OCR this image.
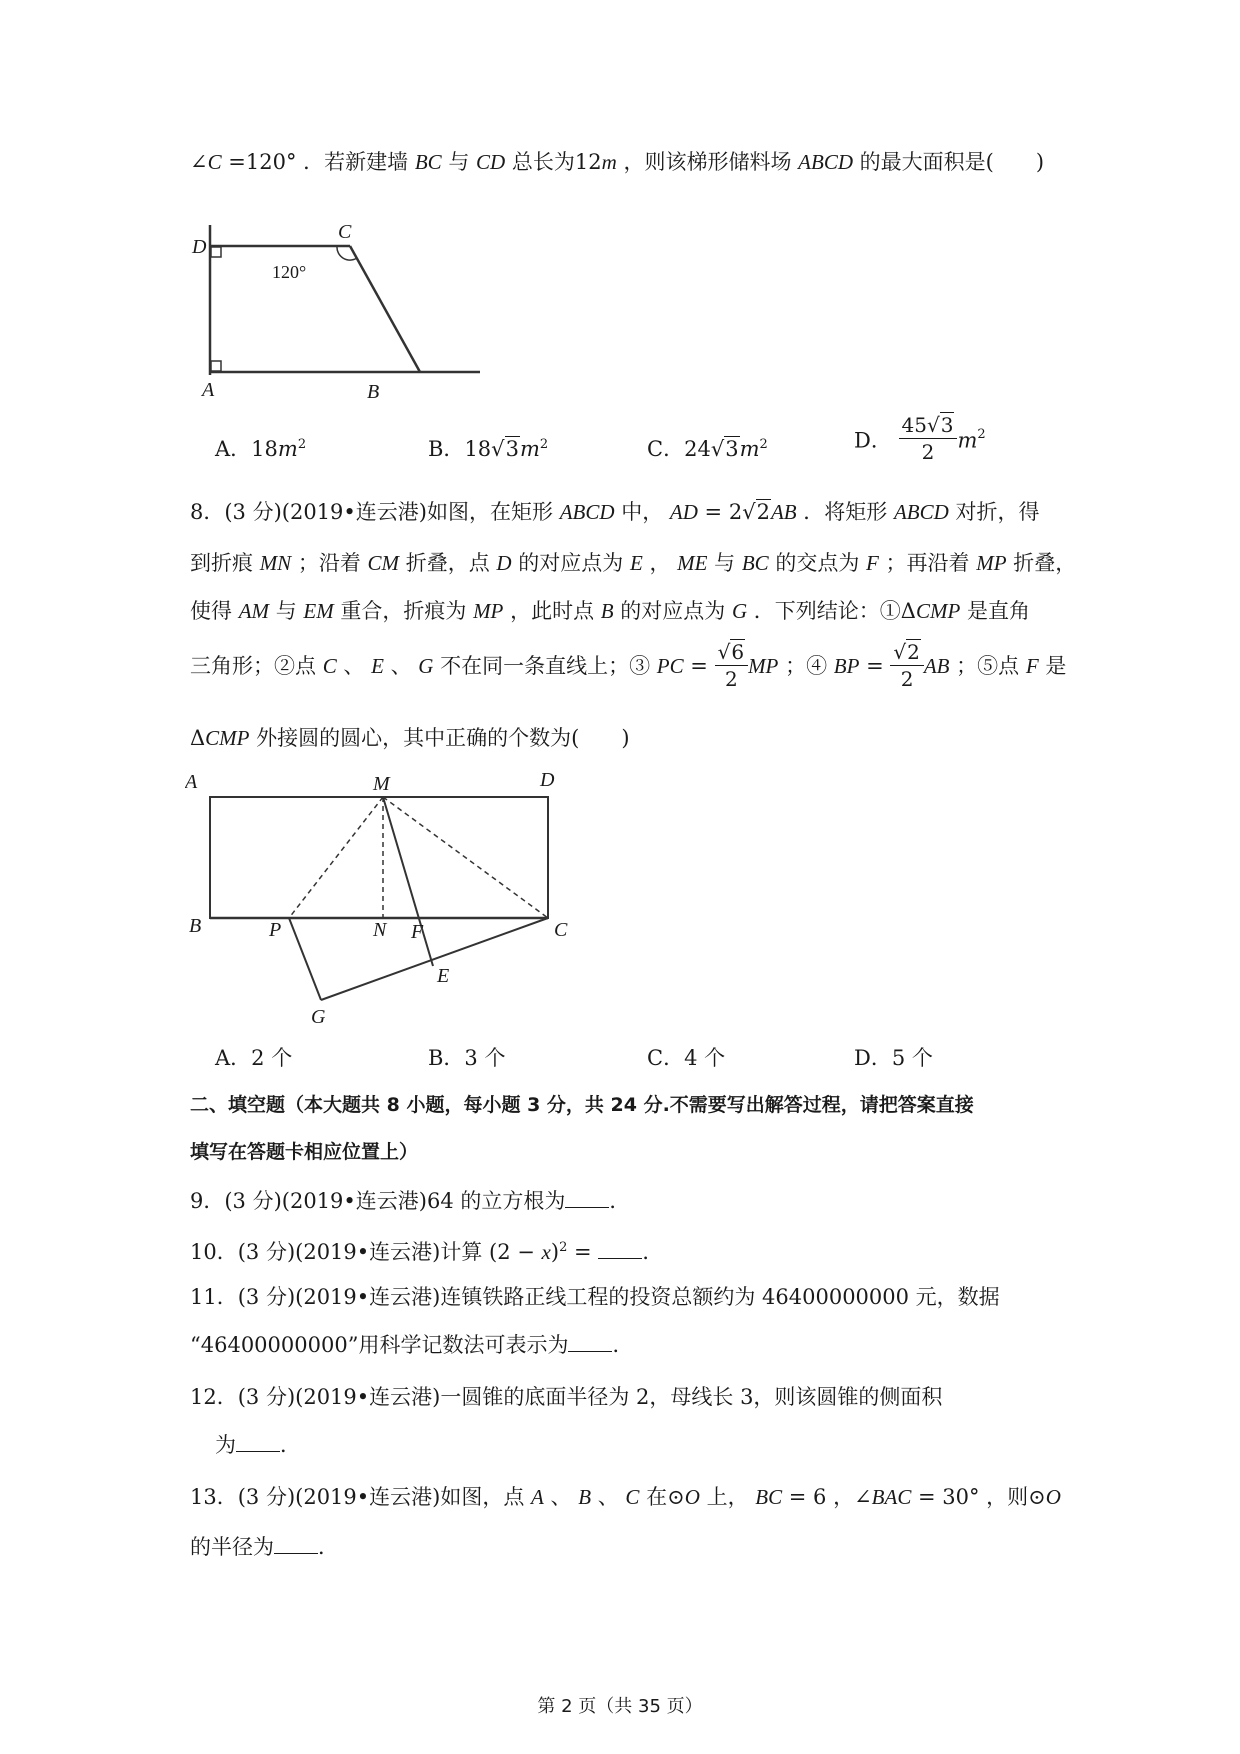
∠C =120° ．若新建墙 BC 与 CD 总长为12m ，则该梯形储料场 ABCD 的最大面积是(　　)
D
C
A	B
120°
A．$18m^2$	B．$18√3m^2$	C．$24√3m^2$	D． $\frac{45√3}{2} m^2$
8．(3 分)(2019•连云港)如图，在矩形 ABCD 中， AD = 2√2AB ．将矩形 ABCD 对折，得
到折痕 MN ；沿着 CM 折叠，点 D 的对应点为 E ， ME 与 BC 的交点为 F ；再沿着 MP 折叠，
使得 AM 与 EM 重合，折痕为 MP ，此时点 B 的对应点为 G ．下列结论：①ΔCMP 是直角
三角形；②点 C 、 E 、 G 不在同一条直线上；③ PC = $\frac{√6}{2}$ MP ；④ BP = $\frac{√2}{2}$ AB ；⑤点 F 是
ΔCMP 外接圆的圆心，其中正确的个数为(　　)
A	M	D
B	P	N F	C
E
G
A．2 个	B．3 个	C．4 个	D．5 个
二、填空题（本大题共 8 小题，每小题 3 分，共 24 分.不需要写出解答过程，请把答案直接
填写在答题卡相应位置上）
9．(3 分)(2019•连云港)64 的立方根为 ．
10．(3 分)(2019•连云港)计算 $(2 - x)^2$ = ．
11．(3 分)(2019•连云港)连镇铁路正线工程的投资总额约为 46400000000 元，数据
“46400000000”用科学记数法可表示为 ．
12．(3 分)(2019•连云港)一圆锥的底面半径为 2，母线长 3，则该圆锥的侧面积
为 ．
13．(3 分)(2019•连云港)如图，点 A 、 B 、 C 在⊙O 上， BC = 6 ，∠BAC = 30° ，则⊙O
的半径为 ．
第 2 页（共 35 页）
